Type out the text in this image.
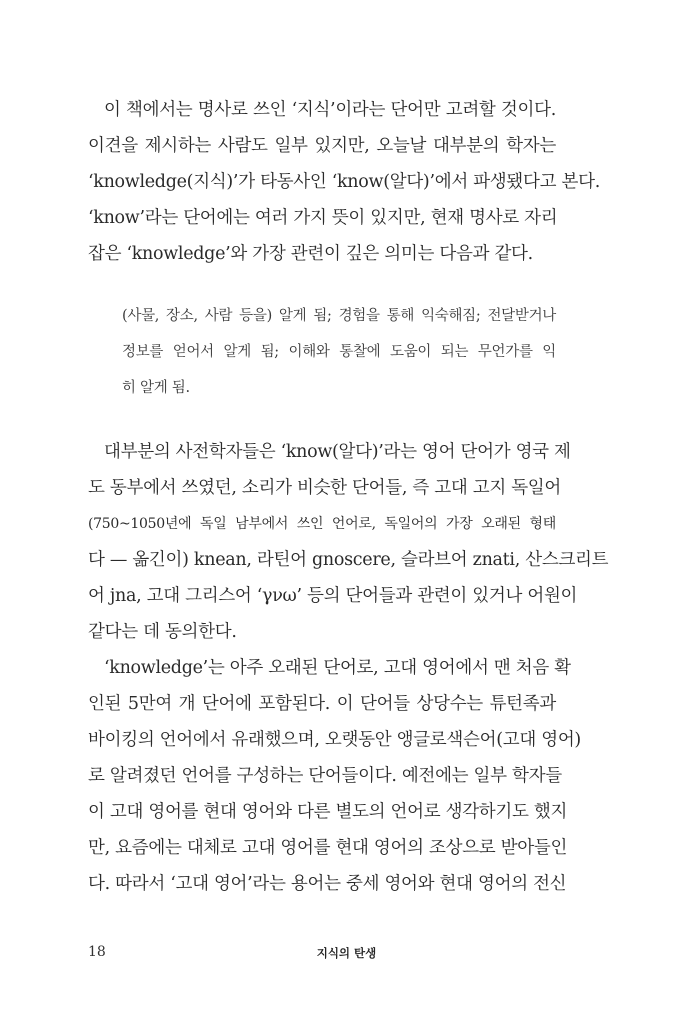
이 책에서는 명사로 쓰인 ‘지식’이라는 단어만 고려할 것이다.
이견을 제시하는 사람도 일부 있지만, 오늘날 대부분의 학자는
‘knowledge(지식)’가 타동사인 ‘know(알다)’에서 파생됐다고 본다.
‘know’라는 단어에는 여러 가지 뜻이 있지만, 현재 명사로 자리
잡은 ‘knowledge’와 가장 관련이 깊은 의미는 다음과 같다.
(사물, 장소, 사람 등을) 알게 됨; 경험을 통해 익숙해짐; 전달받거나
정보를 얻어서 알게 됨; 이해와 통찰에 도움이 되는 무언가를 익
히 알게 됨.
대부분의 사전학자들은 ‘know(알다)’라는 영어 단어가 영국 제
도 동부에서 쓰였던, 소리가 비슷한 단어들, 즉 고대 고지 독일어
(750~1050년에 독일 남부에서 쓰인 언어로, 독일어의 가장 오래된 형태
다 — 옮긴이) knean, 라틴어 gnoscere, 슬라브어 znati, 산스크리트
어 jna, 고대 그리스어 ‘γνω’ 등의 단어들과 관련이 있거나 어원이
같다는 데 동의한다.
‘knowledge’는 아주 오래된 단어로, 고대 영어에서 맨 처음 확
인된 5만여 개 단어에 포함된다. 이 단어들 상당수는 튜턴족과
바이킹의 언어에서 유래했으며, 오랫동안 앵글로색슨어(고대 영어)
로 알려졌던 언어를 구성하는 단어들이다. 예전에는 일부 학자들
이 고대 영어를 현대 영어와 다른 별도의 언어로 생각하기도 했지
만, 요즘에는 대체로 고대 영어를 현대 영어의 조상으로 받아들인
다. 따라서 ‘고대 영어’라는 용어는 중세 영어와 현대 영어의 전신
18	지식의 탄생
